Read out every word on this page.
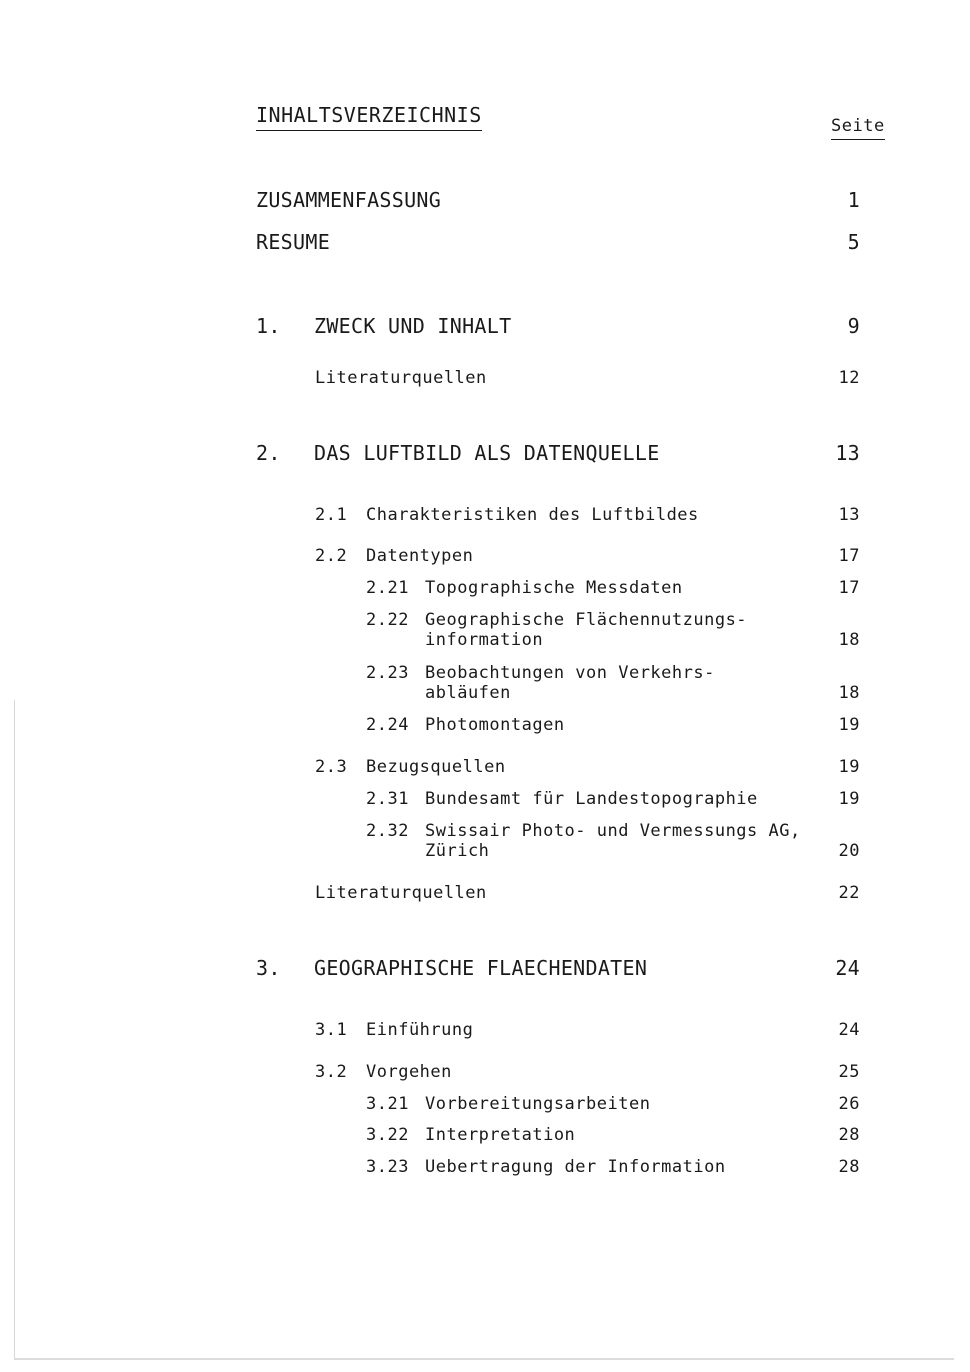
INHALTSVERZEICHNIS	Seite
ZUSAMMENFASSUNG	1
RESUME	5
1. ZWECK UND INHALT	9
Literaturquellen	12
2. DAS LUFTBILD ALS DATENQUELLE	13
2.1 Charakteristiken des Luftbildes	13
2.2 Datentypen	17
2.21 Topographische Messdaten	17
2.22 Geographische Flächennutzungs-
information	18
2.23 Beobachtungen von Verkehrs-
abläufen	18
2.24 Photomontagen	19
2.3 Bezugsquellen	19
2.31 Bundesamt für Landestopographie	19
2.32 Swissair Photo- und Vermessungs AG,
Zürich	20
Literaturquellen	22
3. GEOGRAPHISCHE FLAECHENDATEN	24
3.1 Einführung	24
3.2 Vorgehen	25
3.21 Vorbereitungsarbeiten	26
3.22 Interpretation	28
3.23 Uebertragung der Information	28
